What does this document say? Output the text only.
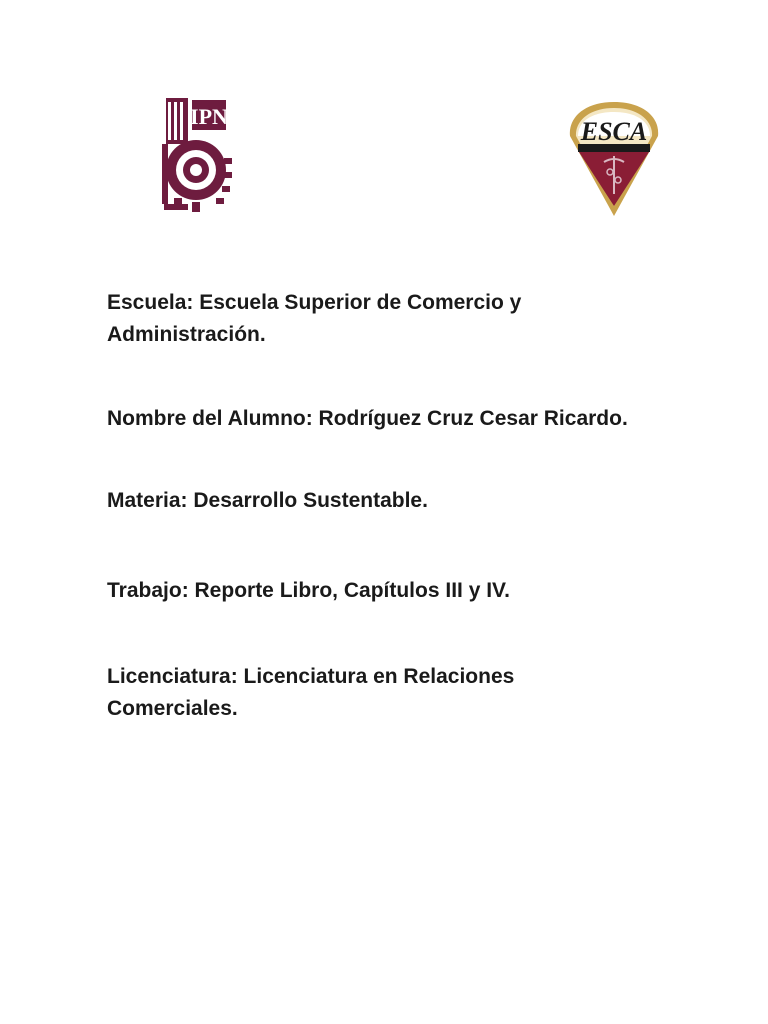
IPN
ESCA

Escuela: Escuela Superior de Comercio y Administración.

Nombre del Alumno: Rodríguez Cruz Cesar Ricardo.

Materia: Desarrollo Sustentable.

Trabajo: Reporte Libro, Capítulos III y IV.

Licenciatura: Licenciatura en Relaciones Comerciales.
